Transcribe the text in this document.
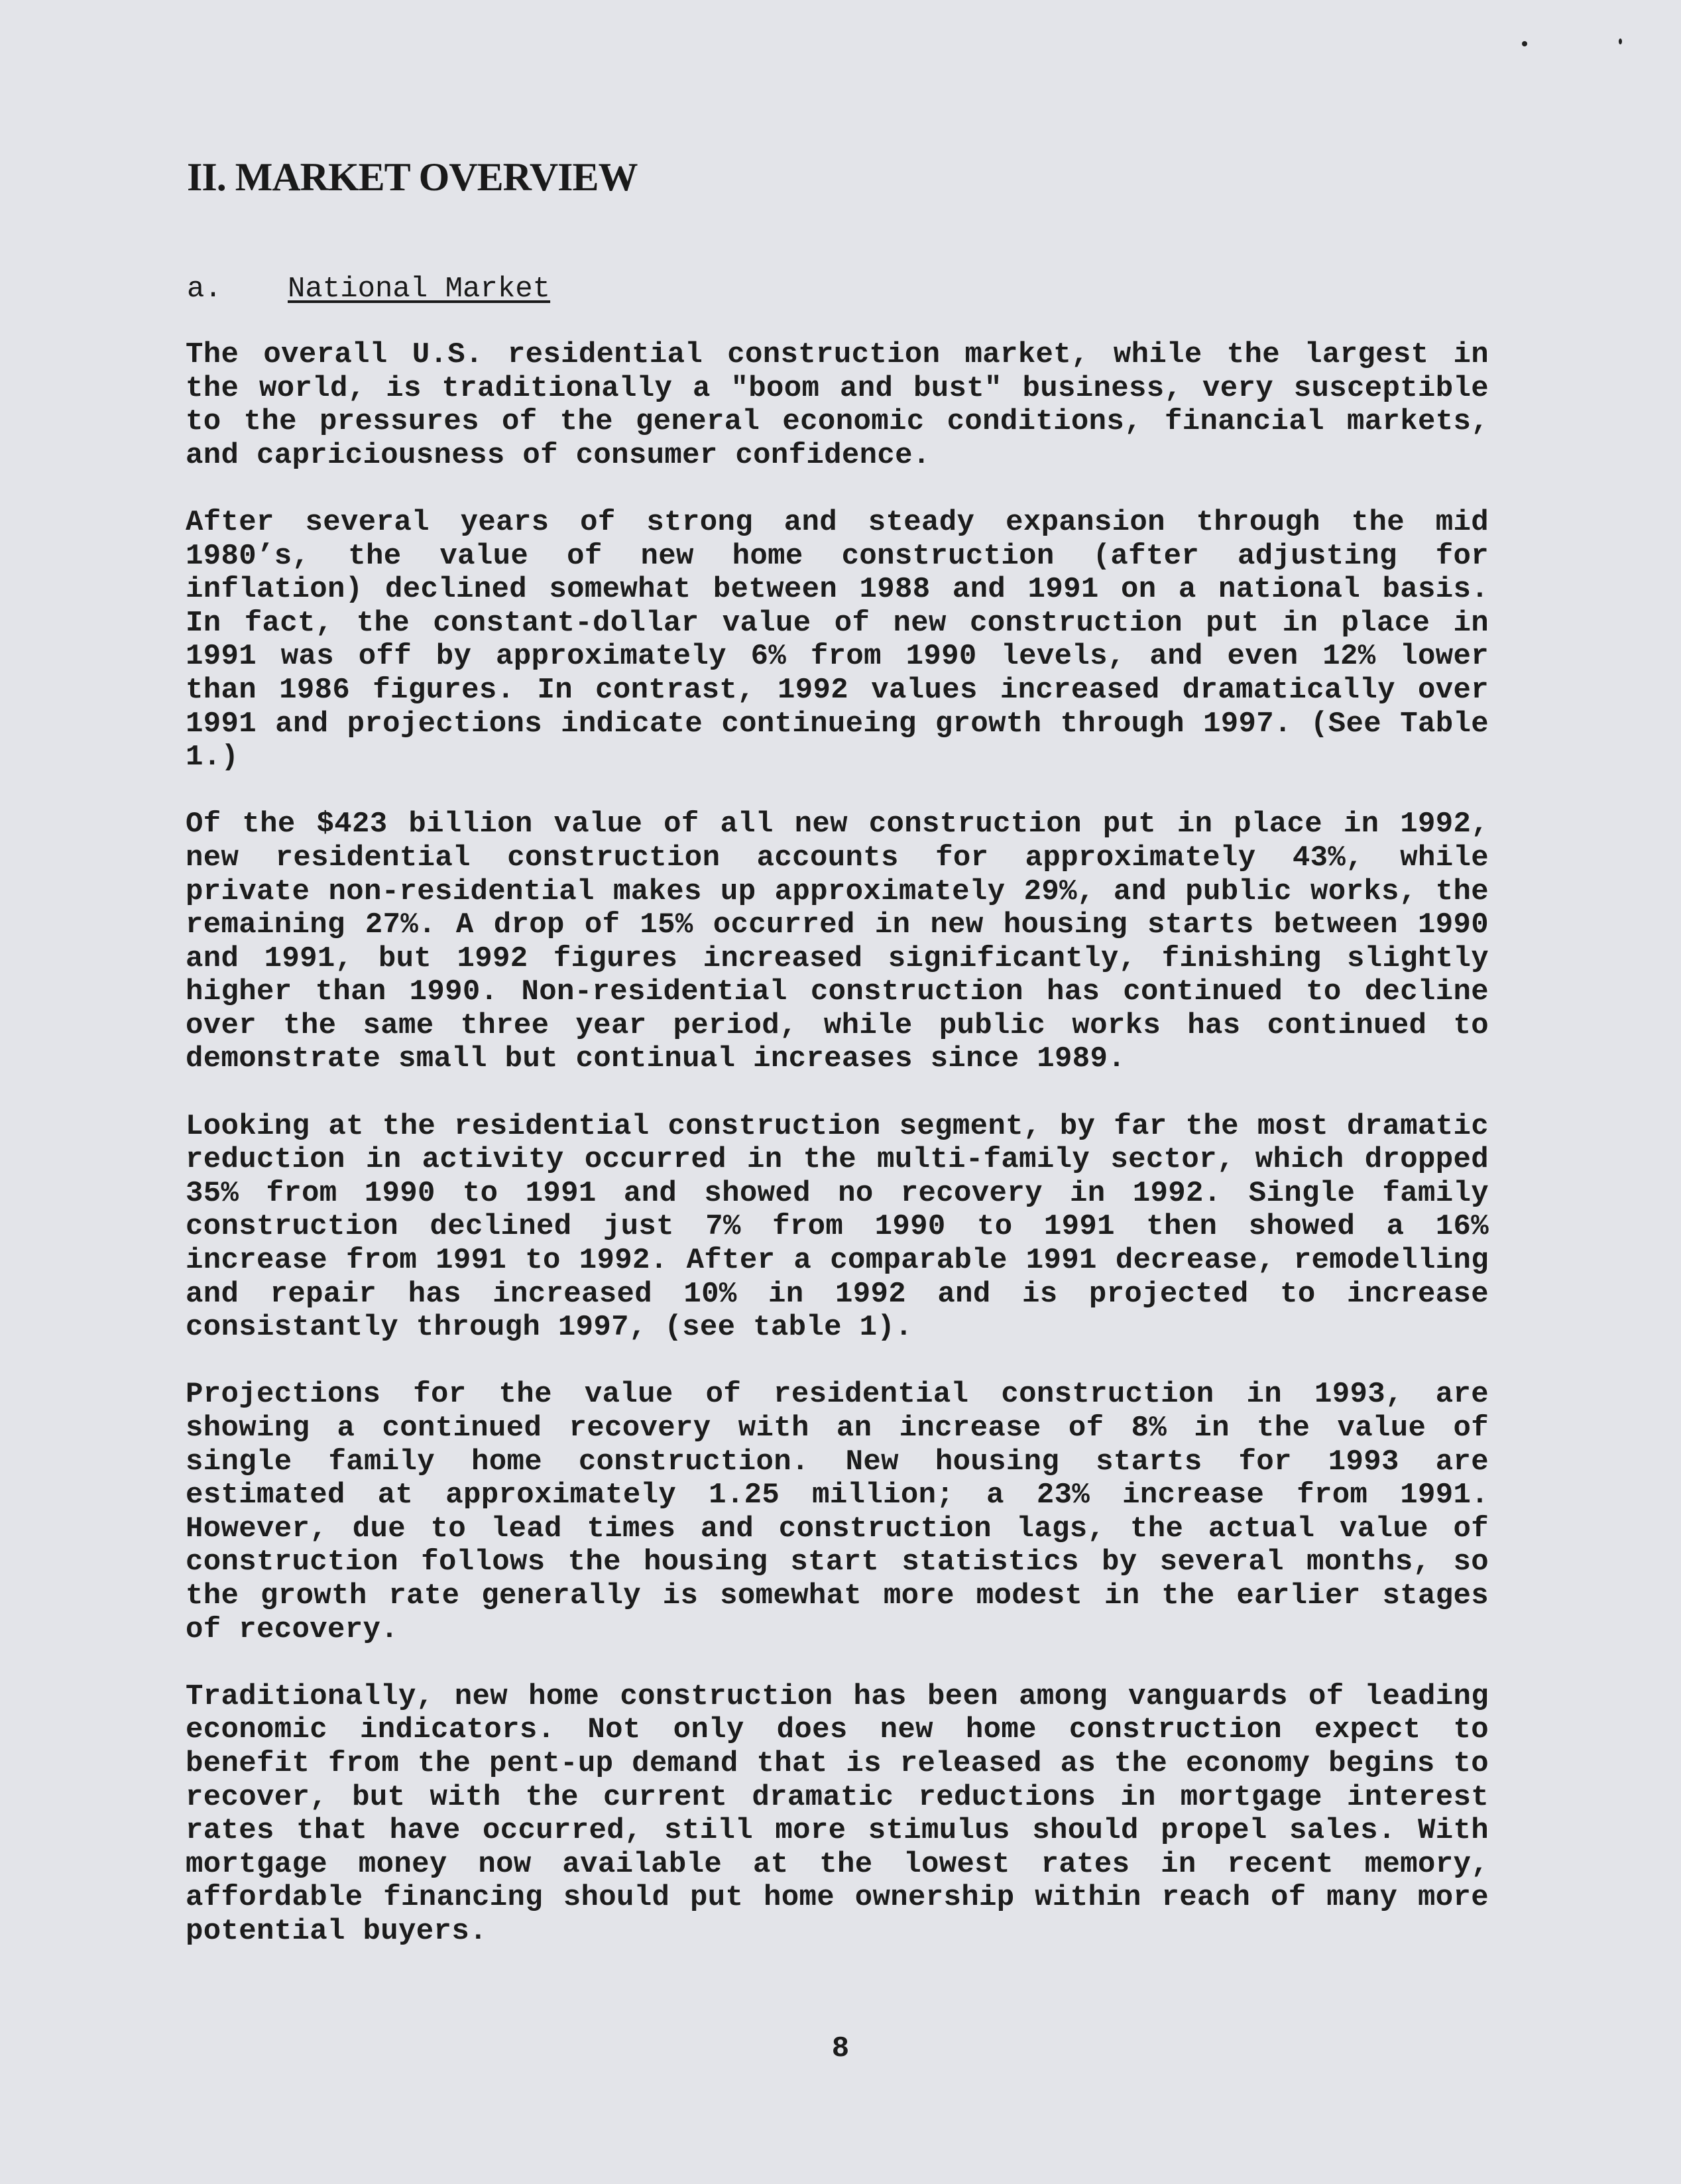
II. MARKET OVERVIEW
a. National Market

The overall U.S. residential construction market, while the largest in the world, is traditionally a "boom and bust" business, very susceptible to the pressures of the general economic conditions, financial markets, and capriciousness of consumer confidence.

After several years of strong and steady expansion through the mid 1980’s, the value of new home construction (after adjusting for inflation) declined somewhat between 1988 and 1991 on a national basis. In fact, the constant-dollar value of new construction put in place in 1991 was off by approximately 6% from 1990 levels, and even 12% lower than 1986 figures. In contrast, 1992 values increased dramatically over 1991 and projections indicate continueing growth through 1997. (See Table 1.)

Of the $423 billion value of all new construction put in place in 1992, new residential construction accounts for approximately 43%, while private non-residential makes up approximately 29%, and public works, the remaining 27%. A drop of 15% occurred in new housing starts between 1990 and 1991, but 1992 figures increased significantly, finishing slightly higher than 1990. Non-residential construction has continued to decline over the same three year period, while public works has continued to demonstrate small but continual increases since 1989.

Looking at the residential construction segment, by far the most dramatic reduction in activity occurred in the multi-family sector, which dropped 35% from 1990 to 1991 and showed no recovery in 1992. Single family construction declined just 7% from 1990 to 1991 then showed a 16% increase from 1991 to 1992. After a comparable 1991 decrease, remodelling and repair has increased 10% in 1992 and is projected to increase consistantly through 1997, (see table 1).

Projections for the value of residential construction in 1993, are showing a continued recovery with an increase of 8% in the value of single family home construction. New housing starts for 1993 are estimated at approximately 1.25 million; a 23% increase from 1991. However, due to lead times and construction lags, the actual value of construction follows the housing start statistics by several months, so the growth rate generally is somewhat more modest in the earlier stages of recovery.

Traditionally, new home construction has been among vanguards of leading economic indicators. Not only does new home construction expect to benefit from the pent-up demand that is released as the economy begins to recover, but with the current dramatic reductions in mortgage interest rates that have occurred, still more stimulus should propel sales. With mortgage money now available at the lowest rates in recent memory, affordable financing should put home ownership within reach of many more potential buyers.

8
